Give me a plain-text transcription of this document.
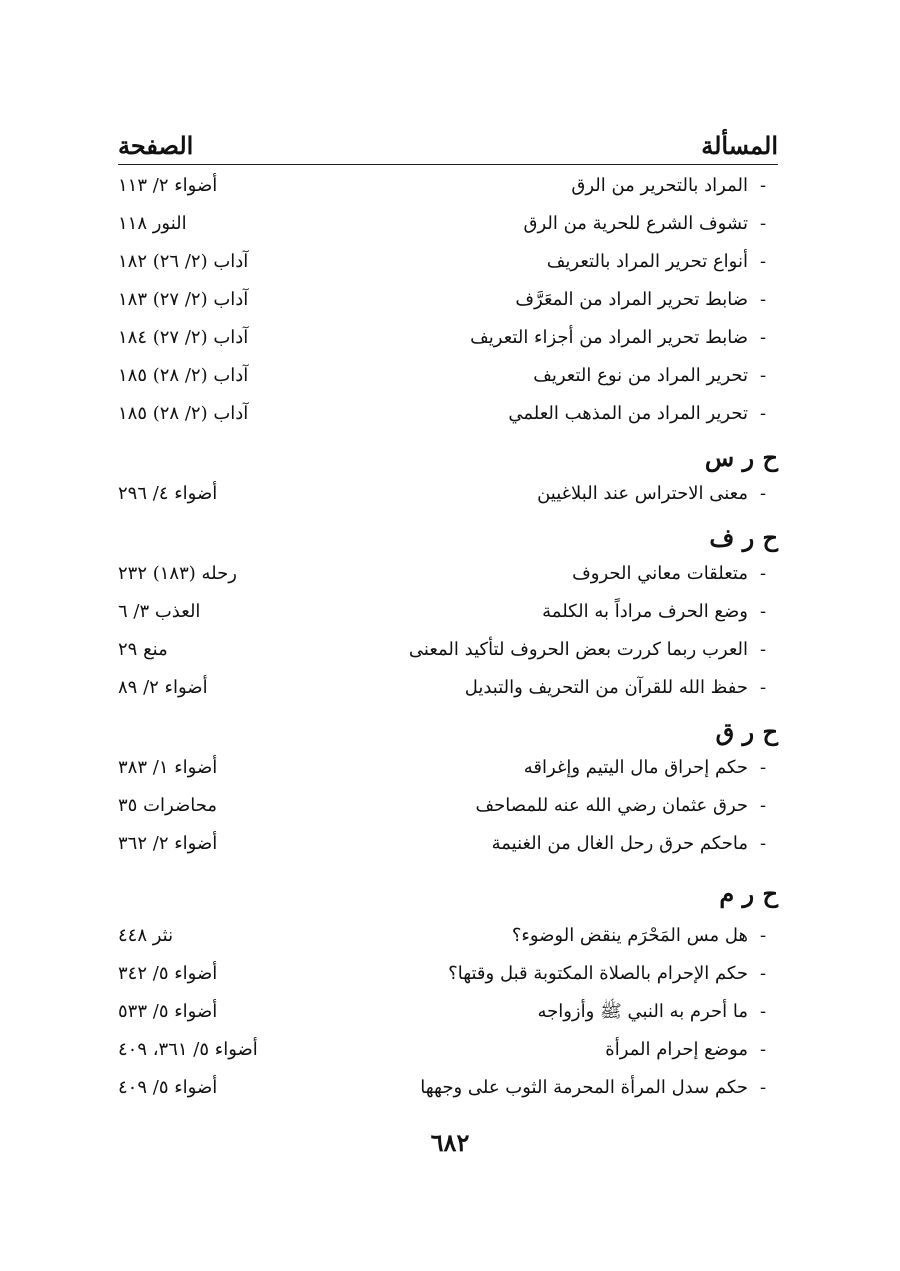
المسألة
الصفحة
-
المراد بالتحرير من الرق
أضواء ٢/ ١١٣
-
تشوف الشرع للحرية من الرق
النور ١١٨
-
أنواع تحرير المراد بالتعريف
آداب (٢/ ٢٦) ١٨٢
-
ضابط تحرير المراد من المعَرَّف
آداب (٢/ ٢٧) ١٨٣
-
ضابط تحرير المراد من أجزاء التعريف
آداب (٢/ ٢٧) ١٨٤
-
تحرير المراد من نوع التعريف
آداب (٢/ ٢٨) ١٨٥
-
تحرير المراد من المذهب العلمي
آداب (٢/ ٢٨) ١٨٥
ح ر س
-
معنى الاحتراس عند البلاغيين
أضواء ٤/ ٢٩٦
ح ر ف
-
متعلقات معاني الحروف
رحله (١٨٣) ٢٣٢
-
وضع الحرف مراداً به الكلمة
العذب ٣/ ٦
-
العرب ربما كررت بعض الحروف لتأكيد المعنى
منع ٢٩
-
حفظ الله للقرآن من التحريف والتبديل
أضواء ٢/ ٨٩
ح ر ق
-
حكم إحراق مال اليتيم وإغراقه
أضواء ١/ ٣٨٣
-
حرق عثمان رضي الله عنه للمصاحف
محاضرات ٣٥
-
ماحكم حرق رحل الغال من الغنيمة
أضواء ٢/ ٣٦٢
ح ر م
-
هل مس المَحْرَم ينقض الوضوء؟
نثر ٤٤٨
-
حكم الإحرام بالصلاة المكتوبة قبل وقتها؟
أضواء ٥/ ٣٤٢
-
ما أحرم به النبي ﷺ وأزواجه
أضواء ٥/ ٥٣٣
-
موضع إحرام المرأة
أضواء ٥/ ٣٦١، ٤٠٩
-
حكم سدل المرأة المحرمة الثوب على وجهها
أضواء ٥/ ٤٠٩
٦٨٢
